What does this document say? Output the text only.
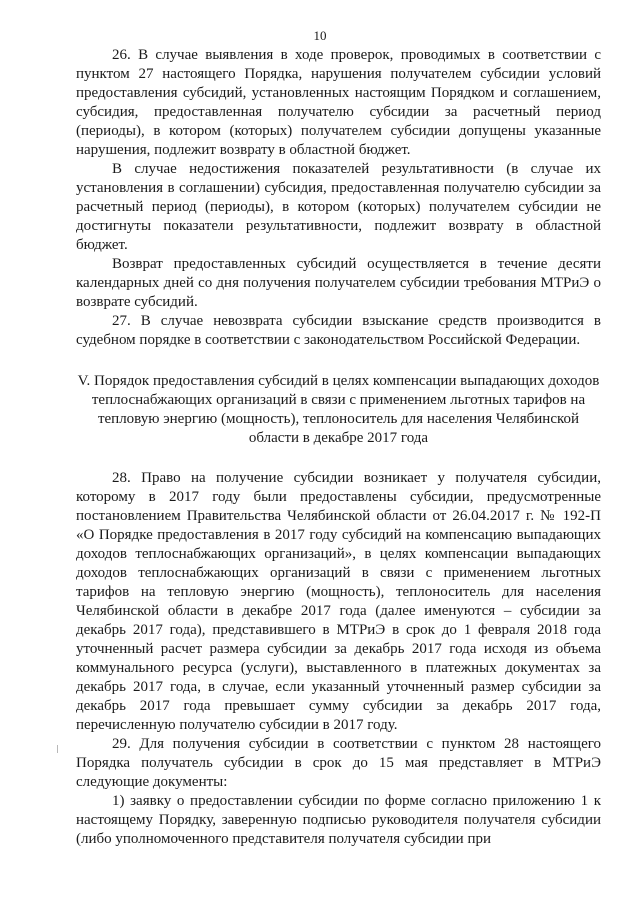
10

26. В случае выявления в ходе проверок, проводимых в соответствии с пунктом 27 настоящего Порядка, нарушения получателем субсидии условий предоставления субсидий, установленных настоящим Порядком и соглашением, субсидия, предоставленная получателю субсидии за расчетный период (периоды), в котором (которых) получателем субсидии допущены указанные нарушения, подлежит возврату в областной бюджет.

В случае недостижения показателей результативности (в случае их установления в соглашении) субсидия, предоставленная получателю субсидии за расчетный период (периоды), в котором (которых) получателем субсидии не достигнуты показатели результативности, подлежит возврату в областной бюджет.

Возврат предоставленных субсидий осуществляется в течение десяти календарных дней со дня получения получателем субсидии требования МТРиЭ о возврате субсидий.

27. В случае невозврата субсидии взыскание средств производится в судебном порядке в соответствии с законодательством Российской Федерации.

V. Порядок предоставления субсидий в целях компенсации выпадающих доходов теплоснабжающих организаций в связи с применением льготных тарифов на тепловую энергию (мощность), теплоноситель для населения Челябинской области в декабре 2017 года

28. Право на получение субсидии возникает у получателя субсидии, которому в 2017 году были предоставлены субсидии, предусмотренные постановлением Правительства Челябинской области от 26.04.2017 г. № 192-П «О Порядке предоставления в 2017 году субсидий на компенсацию выпадающих доходов теплоснабжающих организаций», в целях компенсации выпадающих доходов теплоснабжающих организаций в связи с применением льготных тарифов на тепловую энергию (мощность), теплоноситель для населения Челябинской области в декабре 2017 года (далее именуются – субсидии за декабрь 2017 года), представившего в МТРиЭ в срок до 1 февраля 2018 года уточненный расчет размера субсидии за декабрь 2017 года исходя из объема коммунального ресурса (услуги), выставленного в платежных документах за декабрь 2017 года, в случае, если указанный уточненный размер субсидии за декабрь 2017 года превышает сумму субсидии за декабрь 2017 года, перечисленную получателю субсидии в 2017 году.

29. Для получения субсидии в соответствии с пунктом 28 настоящего Порядка получатель субсидии в срок до 15 мая представляет в МТРиЭ следующие документы:

1) заявку о предоставлении субсидии по форме согласно приложению 1 к настоящему Порядку, заверенную подписью руководителя получателя субсидии (либо уполномоченного представителя получателя субсидии при
